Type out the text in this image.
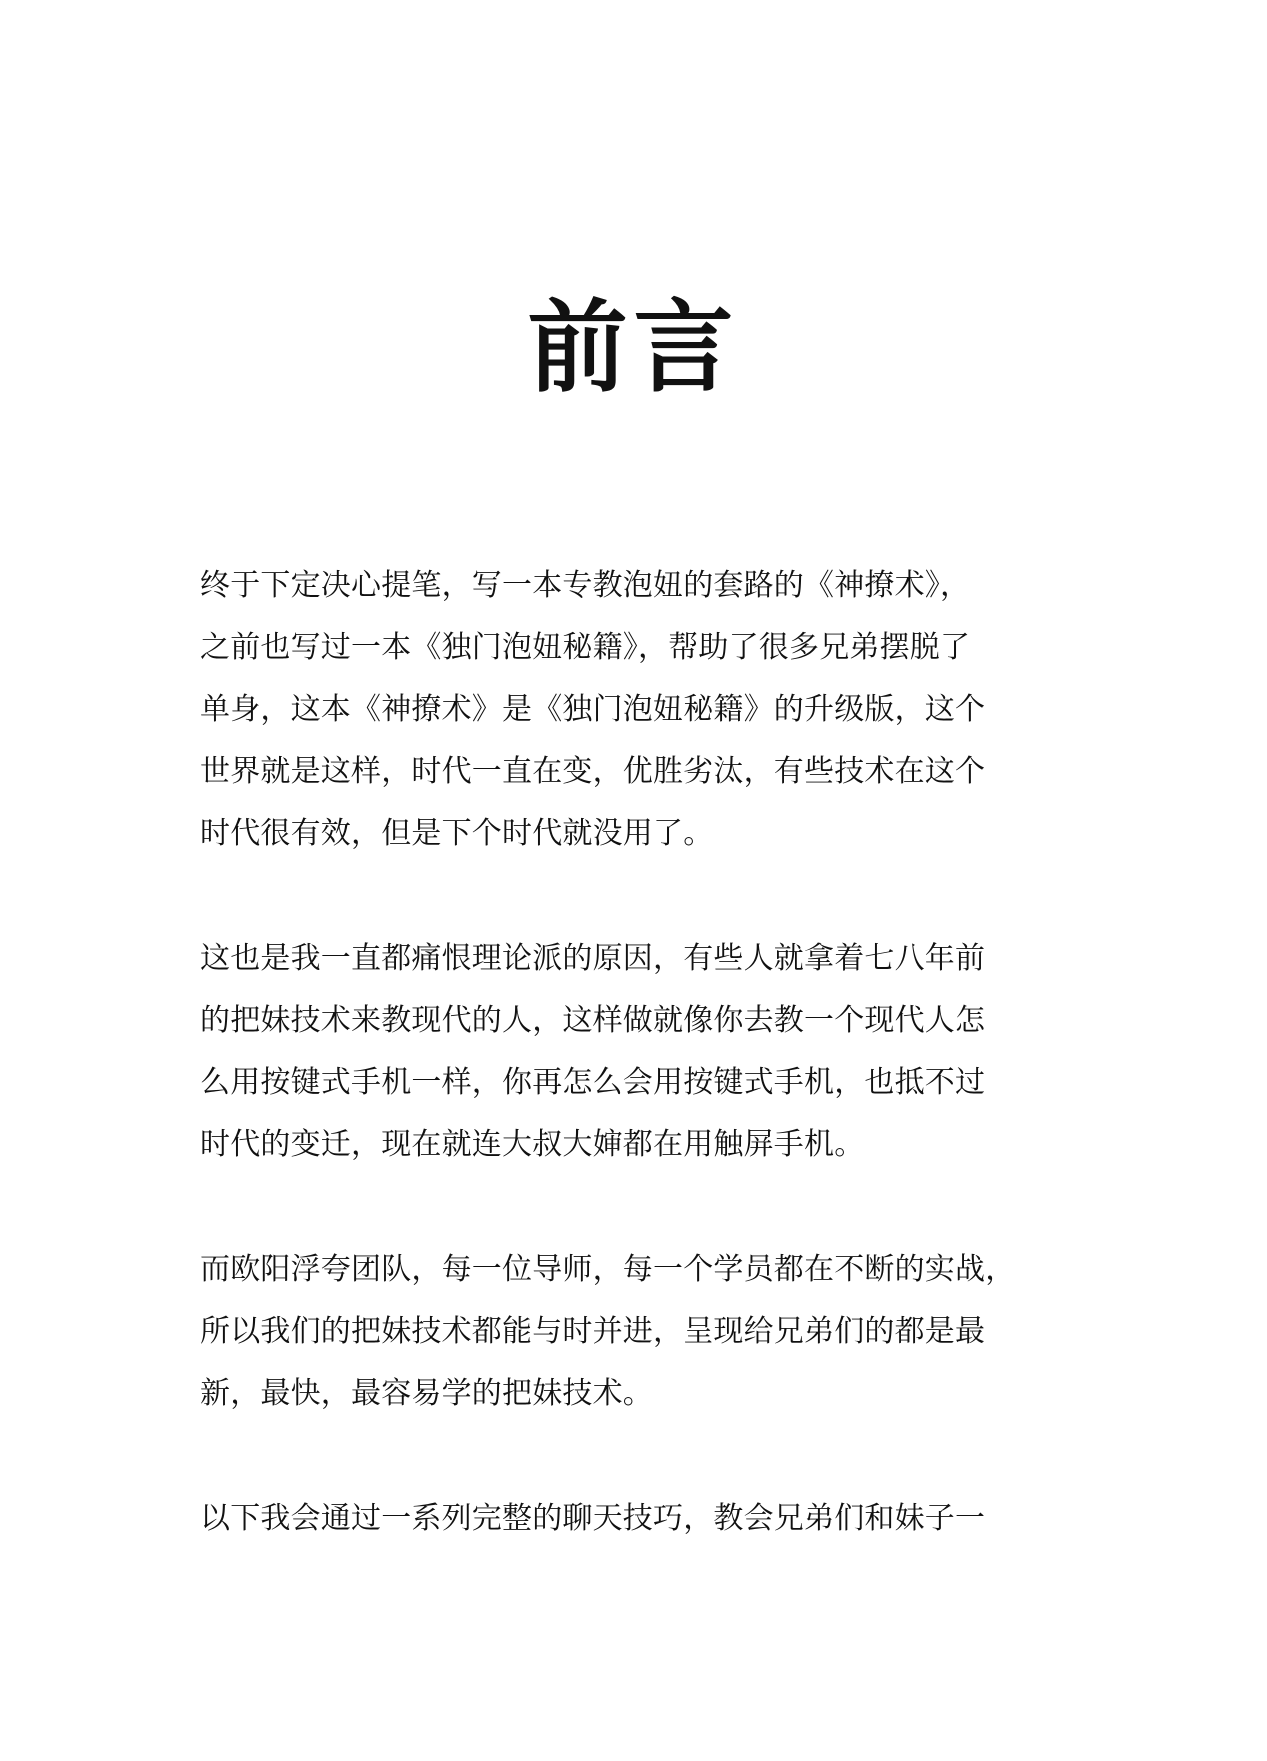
前言

终于下定决心提笔，写一本专教泡妞的套路的《神撩术》，
之前也写过一本《独门泡妞秘籍》，帮助了很多兄弟摆脱了
单身，这本《神撩术》是《独门泡妞秘籍》的升级版，这个
世界就是这样，时代一直在变，优胜劣汰，有些技术在这个
时代很有效，但是下个时代就没用了。

这也是我一直都痛恨理论派的原因，有些人就拿着七八年前
的把妹技术来教现代的人，这样做就像你去教一个现代人怎
么用按键式手机一样，你再怎么会用按键式手机，也抵不过
时代的变迁，现在就连大叔大婶都在用触屏手机。

而欧阳浮夸团队，每一位导师，每一个学员都在不断的实战，
所以我们的把妹技术都能与时并进，呈现给兄弟们的都是最
新，最快，最容易学的把妹技术。

以下我会通过一系列完整的聊天技巧，教会兄弟们和妹子一
